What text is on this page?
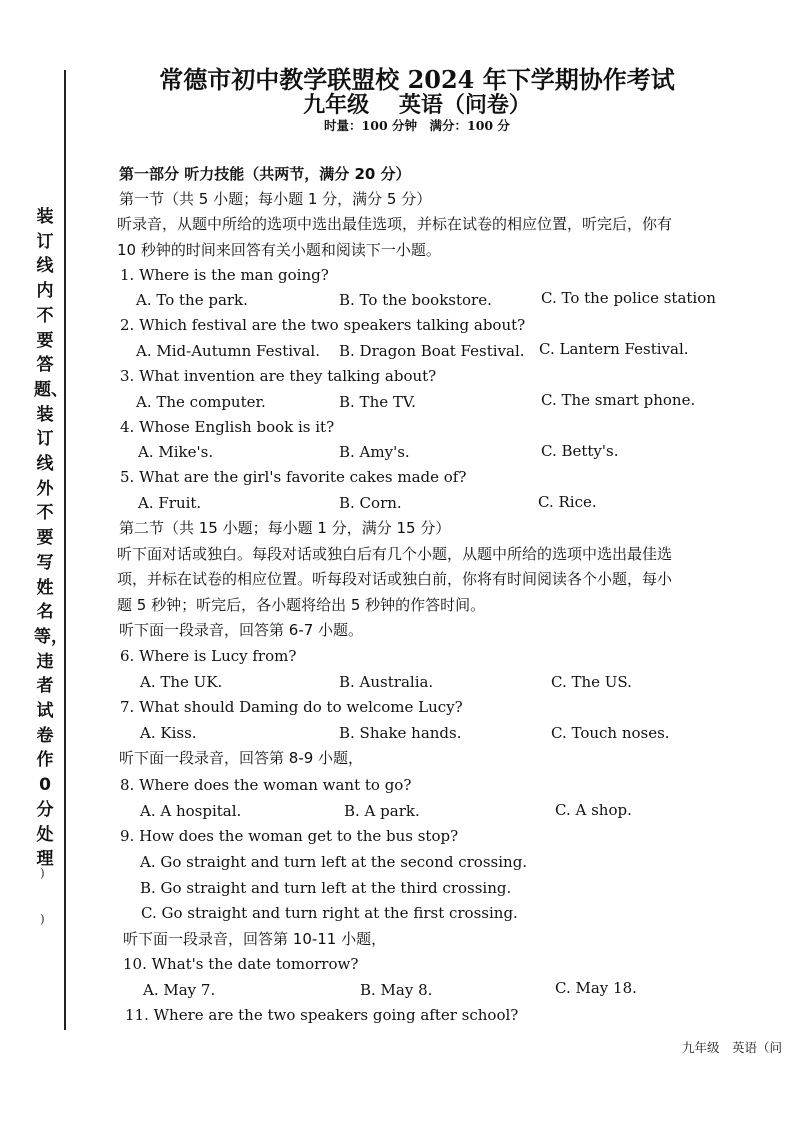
装订线内不要答题、装订线外不要写姓名等，违者试卷作0分处理
)
)
常德市初中教学联盟校 2024 年下学期协作考试
九年级　 英语（问卷）
时量：100 分钟　满分：100 分
第一部分 听力技能（共两节，满分 20 分）
第一节（共 5 小题；每小题 1 分，满分 5 分）
听录音，从题中所给的选项中选出最佳选项，并标在试卷的相应位置，听完后，你有
10 秒钟的时间来回答有关小题和阅读下一小题。
1. Where is the man going?
A. To the park.	B. To the bookstore.	C. To the police station
2. Which festival are the two speakers talking about?
A. Mid-Autumn Festival. B. Dragon Boat Festival. C. Lantern Festival.
3. What invention are they talking about?
A. The computer.	B. The TV.	C. The smart phone.
4. Whose English book is it?
A. Mike's.	B. Amy's.	C. Betty's.
5. What are the girl's favorite cakes made of?
A. Fruit.	B. Corn.	C. Rice.
第二节（共 15 小题；每小题 1 分，满分 15 分）
听下面对话或独白。每段对话或独白后有几个小题，从题中所给的选项中选出最佳选
项，并标在试卷的相应位置。听每段对话或独白前，你将有时间阅读各个小题，每小
题 5 秒钟；听完后，各小题将给出 5 秒钟的作答时间。
听下面一段录音，回答第 6-7 小题。
6. Where is Lucy from?
A. The UK.	B. Australia.	C. The US.
7. What should Daming do to welcome Lucy?
A. Kiss.	B. Shake hands.	C. Touch noses.
听下面一段录音，回答第 8-9 小题，
8. Where does the woman want to go?
A. A hospital.	B. A park.	C. A shop.
9. How does the woman get to the bus stop?
A. Go straight and turn left at the second crossing.
B. Go straight and turn left at the third crossing.
C. Go straight and turn right at the first crossing.
听下面一段录音，回答第 10-11 小题，
10. What's the date tomorrow?
A. May 7.	B. May 8.	C. May 18.
11. Where are the two speakers going after school?
九年级　英语（问
